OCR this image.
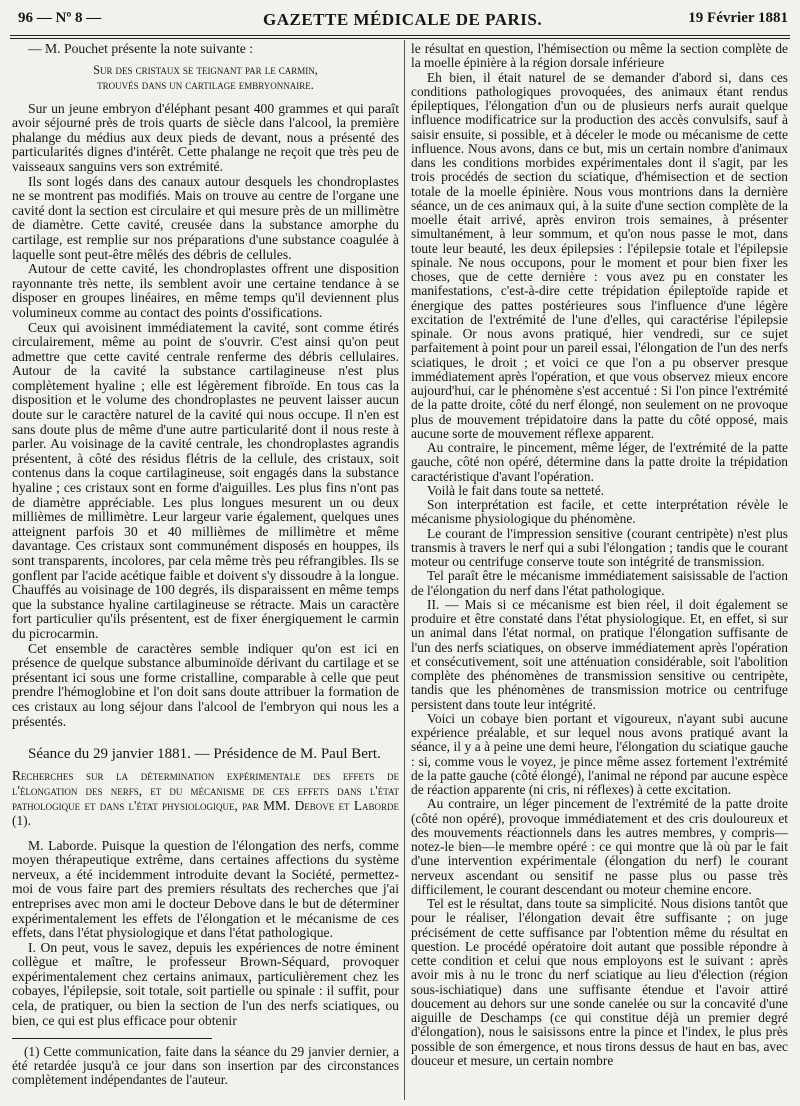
96 — Nº 8 —	GAZETTE MÉDICALE DE PARIS.	19 Février 1881

— M. Pouchet présente la note suivante :

Sur des cristaux se teignant par le carmin,
trouvés dans un cartilage embryonnaire.

Sur un jeune embryon d'éléphant pesant 400 grammes et qui paraît avoir séjourné près de trois quarts de siècle dans l'alcool, la première phalange du médius aux deux pieds de devant, nous a présenté des particularités dignes d'intérêt. Cette phalange ne reçoit que très peu de vaisseaux sanguins vers son extrémité.

Ils sont logés dans des canaux autour desquels les chondroplastes ne se montrent pas modifiés. Mais on trouve au centre de l'organe une cavité dont la section est circulaire et qui mesure près de un millimètre de diamètre. Cette cavité, creusée dans la substance amorphe du cartilage, est remplie sur nos préparations d'une substance coagulée à laquelle sont peut-être mêlés des débris de cellules.

Autour de cette cavité, les chondroplastes offrent une disposition rayonnante très nette, ils semblent avoir une certaine tendance à se disposer en groupes linéaires, en même temps qu'il deviennent plus volumineux comme au contact des points d'ossifications.

Ceux qui avoisinent immédiatement la cavité, sont comme étirés circulairement, même au point de s'ouvrir. C'est ainsi qu'on peut admettre que cette cavité centrale renferme des débris cellulaires. Autour de la cavité la substance cartilagineuse n'est plus complètement hyaline ; elle est légèrement fibroïde. En tous cas la disposition et le volume des chondroplastes ne peuvent laisser aucun doute sur le caractère naturel de la cavité qui nous occupe. Il n'en est sans doute plus de même d'une autre particularité dont il nous reste à parler. Au voisinage de la cavité centrale, les chondroplastes agrandis présentent, à côté des résidus flétris de la cellule, des cristaux, soit contenus dans la coque cartilagineuse, soit engagés dans la substance hyaline ; ces cristaux sont en forme d'aiguilles. Les plus fins n'ont pas de diamètre appréciable. Les plus longues mesurent un ou deux millièmes de millimètre. Leur largeur varie également, quelques unes atteignent parfois 30 et 40 millièmes de millimètre et même davantage. Ces cristaux sont communément disposés en houppes, ils sont transparents, incolores, par cela même très peu réfrangibles. Ils se gonflent par l'acide acétique faible et doivent s'y dissoudre à la longue. Chauffés au voisinage de 100 degrés, ils disparaissent en même temps que la substance hyaline cartilagineuse se rétracte. Mais un caractère fort particulier qu'ils présentent, est de fixer énergiquement le carmin du picrocarmin.

Cet ensemble de caractères semble indiquer qu'on est ici en présence de quelque substance albuminoïde dérivant du cartilage et se présentant ici sous une forme cristalline, comparable à celle que peut prendre l'hémoglobine et l'on doit sans doute attribuer la formation de ces cristaux au long séjour dans l'alcool de l'embryon qui nous les a présentés.

Séance du 29 janvier 1881. — Présidence de M. Paul Bert.

Recherches sur la détermination expérimentale des effets de l'élongation des nerfs, et du mécanisme de ces effets dans l'état pathologique et dans l'état physiologique, par MM. Debove et Laborde (1).

M. Laborde. Puisque la question de l'élongation des nerfs, comme moyen thérapeutique extrême, dans certaines affections du système nerveux, a été incidemment introduite devant la Société, permettez-moi de vous faire part des premiers résultats des recherches que j'ai entreprises avec mon ami le docteur Debove dans le but de déterminer expérimentalement les effets de l'élongation et le mécanisme de ces effets, dans l'état physiologique et dans l'état pathologique.

I. On peut, vous le savez, depuis les expériences de notre éminent collègue et maître, le professeur Brown-Séquard, provoquer expérimentalement chez certains animaux, particulièrement chez les cobayes, l'épilepsie, soit totale, soit partielle ou spinale : il suffit, pour cela, de pratiquer, ou bien la section de l'un des nerfs sciatiques, ou bien, ce qui est plus efficace pour obtenir

(1) Cette communication, faite dans la séance du 29 janvier dernier, a été retardée jusqu'à ce jour dans son insertion par des circonstances complètement indépendantes de l'auteur.

le résultat en question, l'hémisection ou même la section complète de la moelle épinière à la région dorsale inférieure

Eh bien, il était naturel de se demander d'abord si, dans ces conditions pathologiques provoquées, des animaux étant rendus épileptiques, l'élongation d'un ou de plusieurs nerfs aurait quelque influence modificatrice sur la production des accès convulsifs, sauf à saisir ensuite, si possible, et à déceler le mode ou mécanisme de cette influence. Nous avons, dans ce but, mis un certain nombre d'animaux dans les conditions morbides expérimentales dont il s'agit, par les trois procédés de section du sciatique, d'hémisection et de section totale de la moelle épinière. Nous vous montrions dans la dernière séance, un de ces animaux qui, à la suite d'une section complète de la moelle était arrivé, après environ trois semaines, à présenter simultanément, à leur sommum, et qu'on nous passe le mot, dans toute leur beauté, les deux épilepsies : l'épilepsie totale et l'épilepsie spinale. Ne nous occupons, pour le moment et pour bien fixer les choses, que de cette dernière : vous avez pu en constater les manifestations, c'est-à-dire cette trépidation épileptoïde rapide et énergique des pattes postérieures sous l'influence d'une légère excitation de l'extrémité de l'une d'elles, qui caractérise l'épilepsie spinale. Or nous avons pratiqué, hier vendredi, sur ce sujet parfaitement à point pour un pareil essai, l'élongation de l'un des nerfs sciatiques, le droit ; et voici ce que l'on a pu observer presque immédiatement après l'opération, et que vous observez mieux encore aujourd'hui, car le phénomène s'est accentué : Si l'on pince l'extrémité de la patte droite, côté du nerf élongé, non seulement on ne provoque plus de mouvement trépidatoire dans la patte du côté opposé, mais aucune sorte de mouvement réflexe apparent.

Au contraire, le pincement, même léger, de l'extrémité de la patte gauche, côté non opéré, détermine dans la patte droite la trépidation caractéristique d'avant l'opération.

Voilà le fait dans toute sa netteté.

Son interprétation est facile, et cette interprétation révèle le mécanisme physiologique du phénomène.

Le courant de l'impression sensitive (courant centripète) n'est plus transmis à travers le nerf qui a subi l'élongation ; tandis que le courant moteur ou centrifuge conserve toute son intégrité de transmission.

Tel paraît être le mécanisme immédiatement saisissable de l'action de l'élongation du nerf dans l'état pathologique.

II. — Mais si ce mécanisme est bien réel, il doit également se produire et être constaté dans l'état physiologique. Et, en effet, si sur un animal dans l'état normal, on pratique l'élongation suffisante de l'un des nerfs sciatiques, on observe immédiatement après l'opération et consécutivement, soit une atténuation considérable, soit l'abolition complète des phénomènes de transmission sensitive ou centripète, tandis que les phénomènes de transmission motrice ou centrifuge persistent dans toute leur intégrité.

Voici un cobaye bien portant et vigoureux, n'ayant subi aucune expérience préalable, et sur lequel nous avons pratiqué avant la séance, il y a à peine une demi heure, l'élongation du sciatique gauche : si, comme vous le voyez, je pince même assez fortement l'extrémité de la patte gauche (côté élongé), l'animal ne répond par aucune espèce de réaction apparente (ni cris, ni réflexes) à cette excitation.

Au contraire, un léger pincement de l'extrémité de la patte droite (côté non opéré), provoque immédiatement et des cris douloureux et des mouvements réactionnels dans les autres membres, y compris—notez-le bien—le membre opéré : ce qui montre que là où par le fait d'une intervention expérimentale (élongation du nerf) le courant nerveux ascendant ou sensitif ne passe plus ou passe très difficilement, le courant descendant ou moteur chemine encore.

Tel est le résultat, dans toute sa simplicité. Nous disions tantôt que pour le réaliser, l'élongation devait être suffisante ; on juge précisément de cette suffisance par l'obtention même du résultat en question. Le procédé opératoire doit autant que possible répondre à cette condition et celui que nous employons est le suivant : après avoir mis à nu le tronc du nerf sciatique au lieu d'élection (région sous-ischiatique) dans une suffisante étendue et l'avoir attiré doucement au dehors sur une sonde canelée ou sur la concavité d'une aiguille de Deschamps (ce qui constitue déjà un premier degré d'élongation), nous le saisissons entre la pince et l'index, le plus près possible de son émergence, et nous tirons dessus de haut en bas, avec douceur et mesure, un certain nombre
